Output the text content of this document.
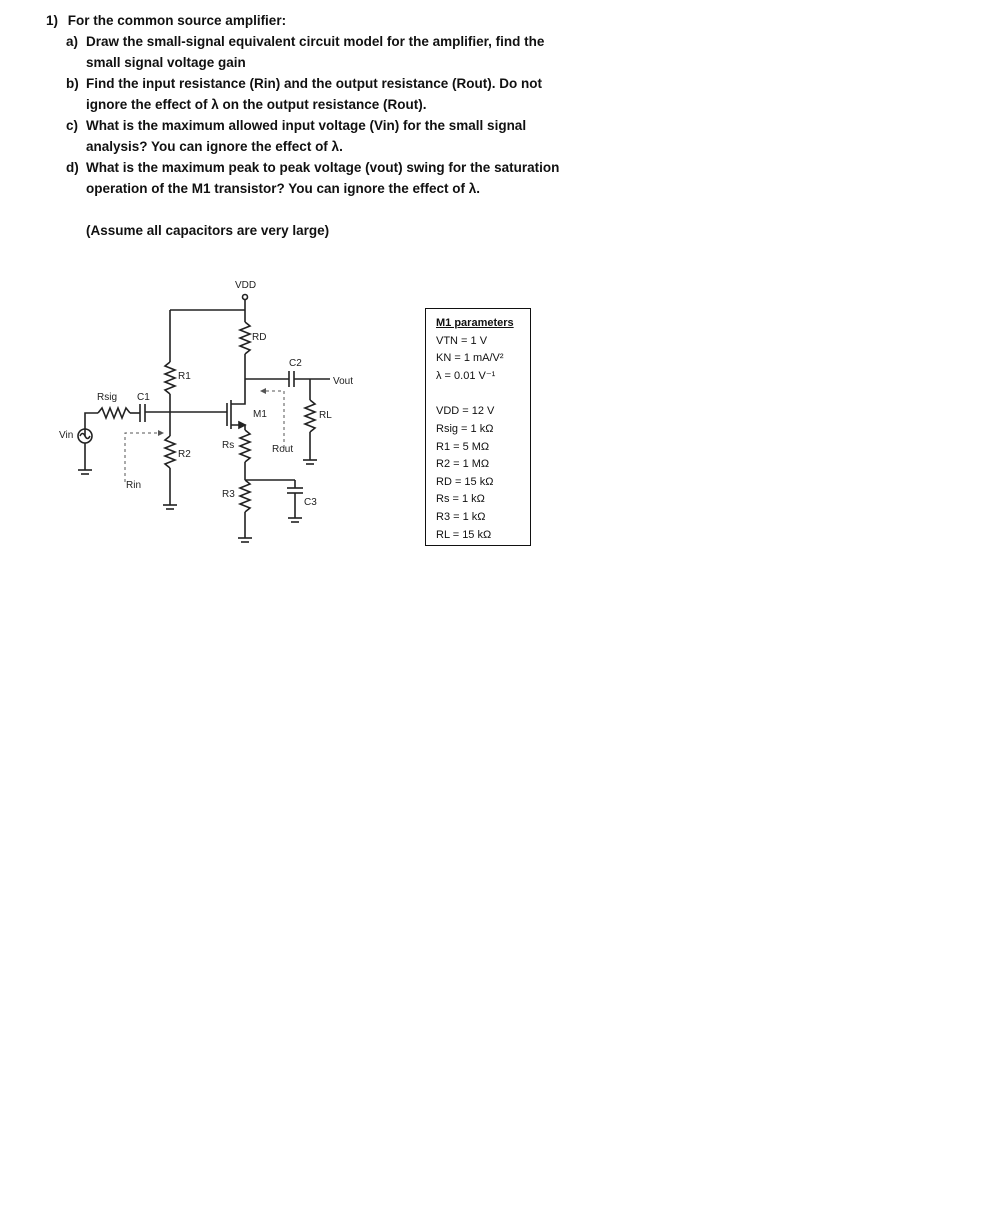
1) For the common source amplifier:
a) Draw the small-signal equivalent circuit model for the amplifier, find the small signal voltage gain
b) Find the input resistance (Rin) and the output resistance (Rout). Do not ignore the effect of λ on the output resistance (Rout).
c) What is the maximum allowed input voltage (Vin) for the small signal analysis? You can ignore the effect of λ.
d) What is the maximum peak to peak voltage (vout) swing for the saturation operation of the M1 transistor? You can ignore the effect of λ.
(Assume all capacitors are very large)
VDD
RD
R1
R2
C1
C2
C3
Rsig
Vin
Rin
M1
Rs
R3
Rout
Vout
RL
M1 parameters
VTN = 1 V
KN = 1 mA/V²
λ = 0.01 V⁻¹
VDD = 12 V
Rsig = 1 kΩ
R1 = 5 MΩ
R2 = 1 MΩ
RD = 15 kΩ
Rs = 1 kΩ
R3 = 1 kΩ
RL = 15 kΩ
